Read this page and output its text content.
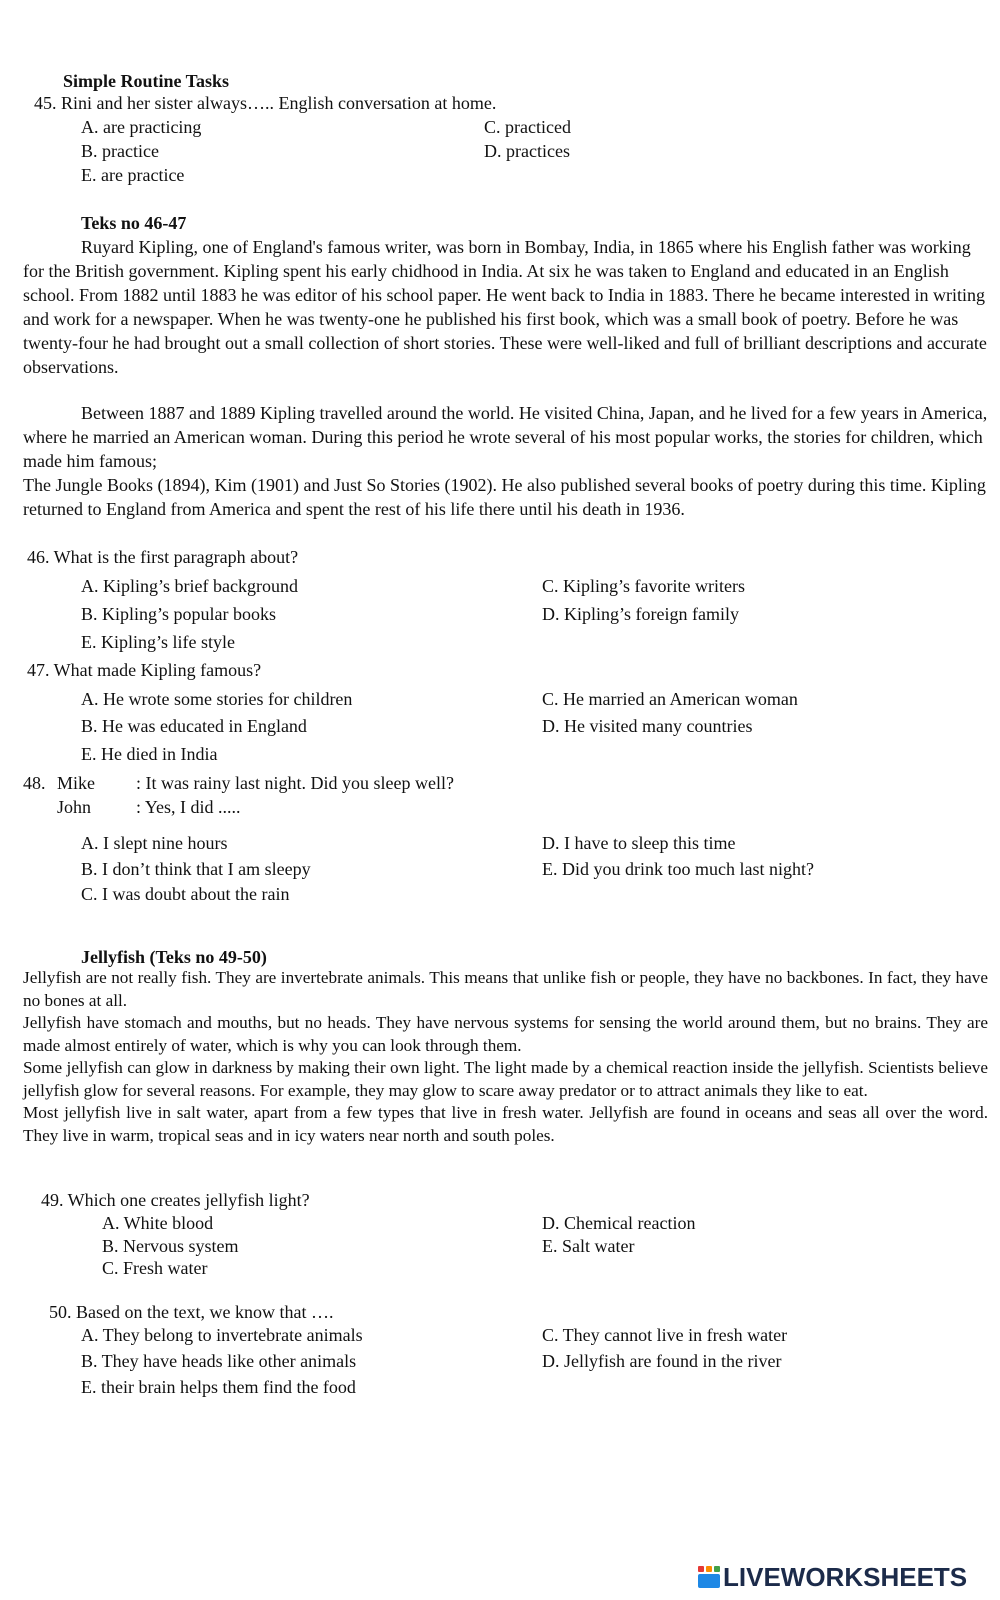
Simple Routine Tasks
45. Rini and her sister always….. English conversation at home.
A. are practicing	C. practiced
B. practice	D. practices
E. are practice
Teks no 46-47

Ruyard Kipling, one of England's famous writer, was born in Bombay, India, in 1865 where his English father was working for the British government. Kipling spent his early chidhood in India. At six he was taken to England and educated in an English school. From 1882 until 1883 he was editor of his school paper. He went back to India in 1883. There he became interested in writing and work for a newspaper. When he was twenty-one he published his first book, which was a small book of poetry. Before he was twenty-four he had brought out a small collection of short stories. These were well-liked and full of brilliant descriptions and accurate observations.

Between 1887 and 1889 Kipling travelled around the world. He visited China, Japan, and he lived for a few years in America, where he married an American woman. During this period he wrote several of his most popular works, the stories for children, which made him famous;

The Jungle Books (1894), Kim (1901) and Just So Stories (1902). He also published several books of poetry during this time. Kipling returned to England from America and spent the rest of his life there until his death in 1936.

46. What is the first paragraph about?
A. Kipling’s brief background	C. Kipling’s favorite writers
B. Kipling’s popular books	D. Kipling’s foreign family
E. Kipling’s life style
47. What made Kipling famous?
A. He wrote some stories for children	C. He married an American woman
B. He was educated in England	D. He visited many countries
E. He died in India
48. Mike : It was rainy last night. Did you sleep well?
John : Yes, I did .....
A. I slept nine hours	D. I have to sleep this time
B. I don’t think that I am sleepy	E. Did you drink too much last night?
C. I was doubt about the rain
Jellyfish (Teks no 49-50)

Jellyfish are not really fish. They are invertebrate animals. This means that unlike fish or people, they have no backbones. In fact, they have no bones at all.

Jellyfish have stomach and mouths, but no heads. They have nervous systems for sensing the world around them, but no brains. They are made almost entirely of water, which is why you can look through them.

Some jellyfish can glow in darkness by making their own light. The light made by a chemical reaction inside the jellyfish. Scientists believe jellyfish glow for several reasons. For example, they may glow to scare away predator or to attract animals they like to eat.

Most jellyfish live in salt water, apart from a few types that live in fresh water. Jellyfish are found in oceans and seas all over the word. They live in warm, tropical seas and in icy waters near north and south poles.

49. Which one creates jellyfish light?
A. White blood	D. Chemical reaction
B. Nervous system	E. Salt water
C. Fresh water
50. Based on the text, we know that ….
A. They belong to invertebrate animals	C. They cannot live in fresh water
B. They have heads like other animals	D. Jellyfish are found in the river
E. their brain helps them find the food
LIVEWORKSHEETS
